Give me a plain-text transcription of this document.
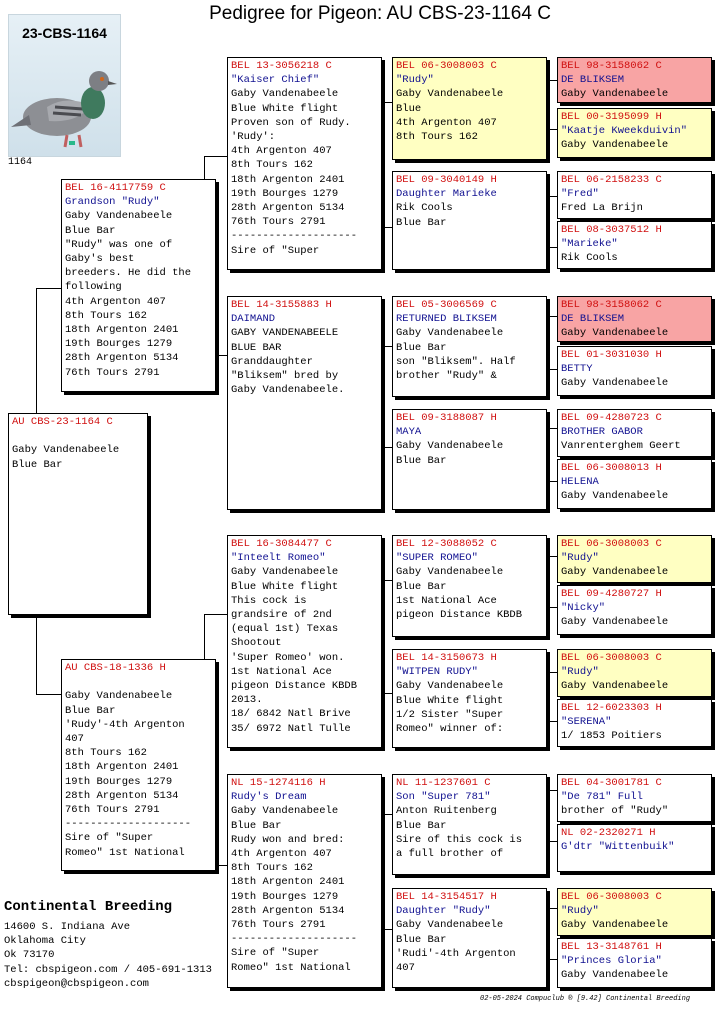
Pedigree for Pigeon: AU CBS-23-1164 C
23-CBS-1164
1164
AU CBS-23-1164 C

Gaby Vandenabeele
Blue Bar
BEL 16-4117759 C
Grandson "Rudy"
Gaby Vandenabeele
Blue Bar
"Rudy" was one of
Gaby's best
breeders. He did the
following
4th Argenton 407
8th Tours 162
18th Argenton 2401
19th Bourges 1279
28th Argenton 5134
76th Tours 2791
AU CBS-18-1336 H

Gaby Vandenabeele
Blue Bar
'Rudy'-4th Argenton
407
8th Tours 162
18th Argenton 2401
19th Bourges 1279
28th Argenton 5134
76th Tours 2791
--------------------
Sire of "Super
Romeo" 1st National
BEL 13-3056218 C
"Kaiser Chief"
Gaby Vandenabeele
Blue White flight
Proven son of Rudy.
'Rudy':
4th Argenton 407
8th Tours 162
18th Argenton 2401
19th Bourges 1279
28th Argenton 5134
76th Tours 2791
--------------------
Sire of "Super
BEL 14-3155883 H
DAIMAND
GABY VANDENABEELE
BLUE BAR
Granddaughter
"Bliksem" bred by
Gaby Vandenabeele.
BEL 16-3084477 C
"Inteelt Romeo"
Gaby Vandenabeele
Blue White flight
This cock is
grandsire of 2nd
(equal 1st) Texas
Shootout
'Super Romeo' won.
1st National Ace
pigeon Distance KBDB
2013.
18/ 6842 Natl Brive
35/ 6972 Natl Tulle
NL 15-1274116 H
Rudy's Dream
Gaby Vandenabeele
Blue Bar
Rudy won and bred:
4th Argenton 407
8th Tours 162
18th Argenton 2401
19th Bourges 1279
28th Argenton 5134
76th Tours 2791
--------------------
Sire of "Super
Romeo" 1st National
BEL 06-3008003 C
"Rudy"
Gaby Vandenabeele
Blue
4th Argenton 407
8th Tours 162
BEL 09-3040149 H
Daughter Marieke
Rik Cools
Blue Bar
BEL 05-3006569 C
RETURNED BLIKSEM
Gaby Vandenabeele
Blue Bar
son "Bliksem". Half
brother "Rudy" &
BEL 09-3188087 H
MAYA
Gaby Vandenabeele
Blue Bar
BEL 12-3088052 C
"SUPER ROMEO"
Gaby Vandenabeele
Blue Bar
1st National Ace
pigeon Distance KBDB
BEL 14-3150673 H
"WITPEN RUDY"
Gaby Vandenabeele
Blue White flight
1/2 Sister "Super
Romeo" winner of:
NL 11-1237601 C
Son "Super 781"
Anton Ruitenberg
Blue Bar
Sire of this cock is
a full brother of
BEL 14-3154517 H
Daughter "Rudy"
Gaby Vandenabeele
Blue Bar
'Rudi'-4th Argenton
407
BEL 98-3158062 C
DE BLIKSEM
Gaby Vandenabeele
BEL 00-3195099 H
"Kaatje Kweekduivin"
Gaby Vandenabeele
BEL 06-2158233 C
"Fred"
Fred La Brijn
BEL 08-3037512 H
"Marieke"
Rik Cools
BEL 98-3158062 C
DE BLIKSEM
Gaby Vandenabeele
BEL 01-3031030 H
BETTY
Gaby Vandenabeele
BEL 09-4280723 C
BROTHER GABOR
Vanrenterghem Geert
BEL 06-3008013 H
HELENA
Gaby Vandenabeele
BEL 06-3008003 C
"Rudy"
Gaby Vandenabeele
BEL 09-4280727 H
"Nicky"
Gaby Vandenabeele
BEL 06-3008003 C
"Rudy"
Gaby Vandenabeele
BEL 12-6023303 H
"SERENA"
1/ 1853 Poitiers
BEL 04-3001781 C
"De 781" Full
brother of "Rudy"
NL 02-2320271 H
G'dtr "Wittenbuik"
BEL 06-3008003 C
"Rudy"
Gaby Vandenabeele
BEL 13-3148761 H
"Princes Gloria"
Gaby Vandenabeele
Continental Breeding
14600 S. Indiana Ave
Oklahoma City
Ok 73170
Tel: cbspigeon.com / 405-691-1313
cbspigeon@cbspigeon.com
02-05-2024 Compuclub ® [9.42] Continental Breeding
